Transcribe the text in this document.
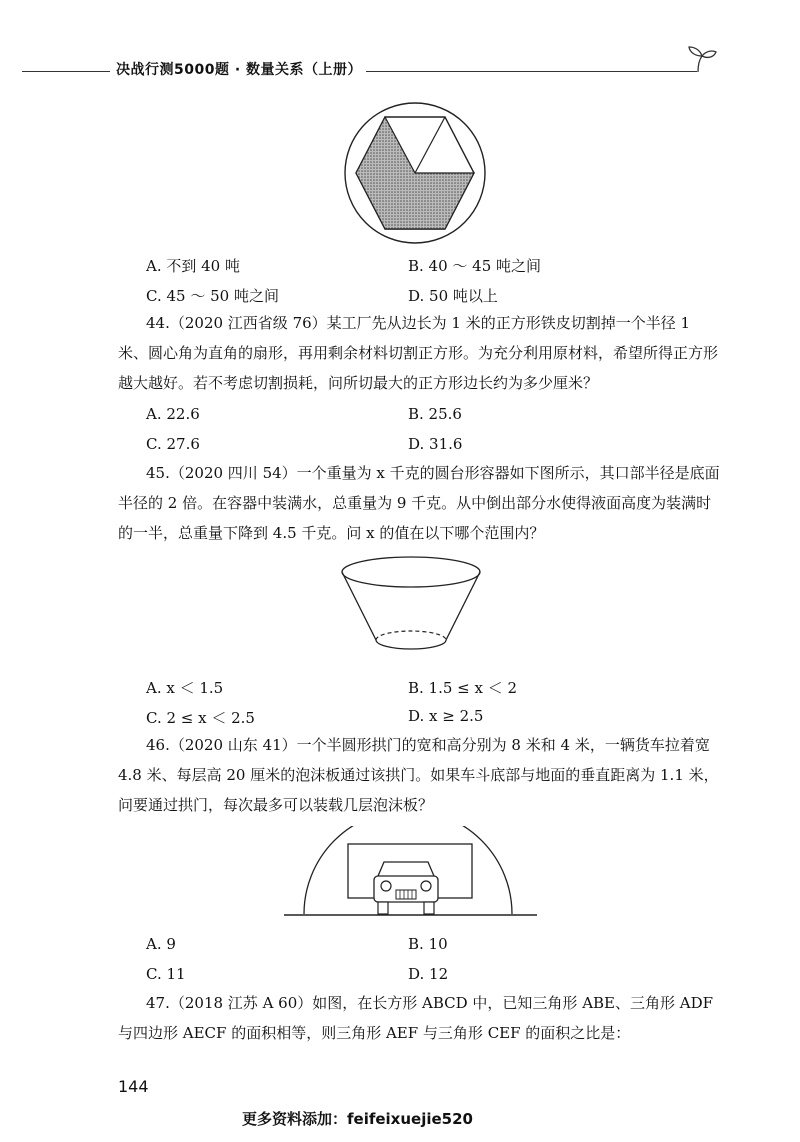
决战行测5000题 · 数量关系（上册）
A. 不到 40 吨	B. 40 ～ 45 吨之间
C. 45 ～ 50 吨之间	D. 50 吨以上

44.（2020 江西省级 76）某工厂先从边长为 1 米的正方形铁皮切割掉一个半径 1 米、圆心角为直角的扇形，再用剩余材料切割正方形。为充分利用原材料，希望所得正方形越大越好。若不考虑切割损耗，问所切最大的正方形边长约为多少厘米？

A. 22.6	B. 25.6
C. 27.6	D. 31.6

45.（2020 四川 54）一个重量为 x 千克的圆台形容器如下图所示，其口部半径是底面半径的 2 倍。在容器中装满水，总重量为 9 千克。从中倒出部分水使得液面高度为装满时的一半，总重量下降到 4.5 千克。问 x 的值在以下哪个范围内？

A. x ＜ 1.5	B. 1.5 ≤ x ＜ 2
C. 2 ≤ x ＜ 2.5	D. x ≥ 2.5

46.（2020 山东 41）一个半圆形拱门的宽和高分别为 8 米和 4 米，一辆货车拉着宽 4.8 米、每层高 20 厘米的泡沫板通过该拱门。如果车斗底部与地面的垂直距离为 1.1 米，问要通过拱门，每次最多可以装载几层泡沫板？

A. 9	B. 10
C. 11	D. 12

47.（2018 江苏 A 60）如图，在长方形 ABCD 中，已知三角形 ABE、三角形 ADF 与四边形 AECF 的面积相等，则三角形 AEF 与三角形 CEF 的面积之比是：

144
更多资料添加：feifeixuejie520
